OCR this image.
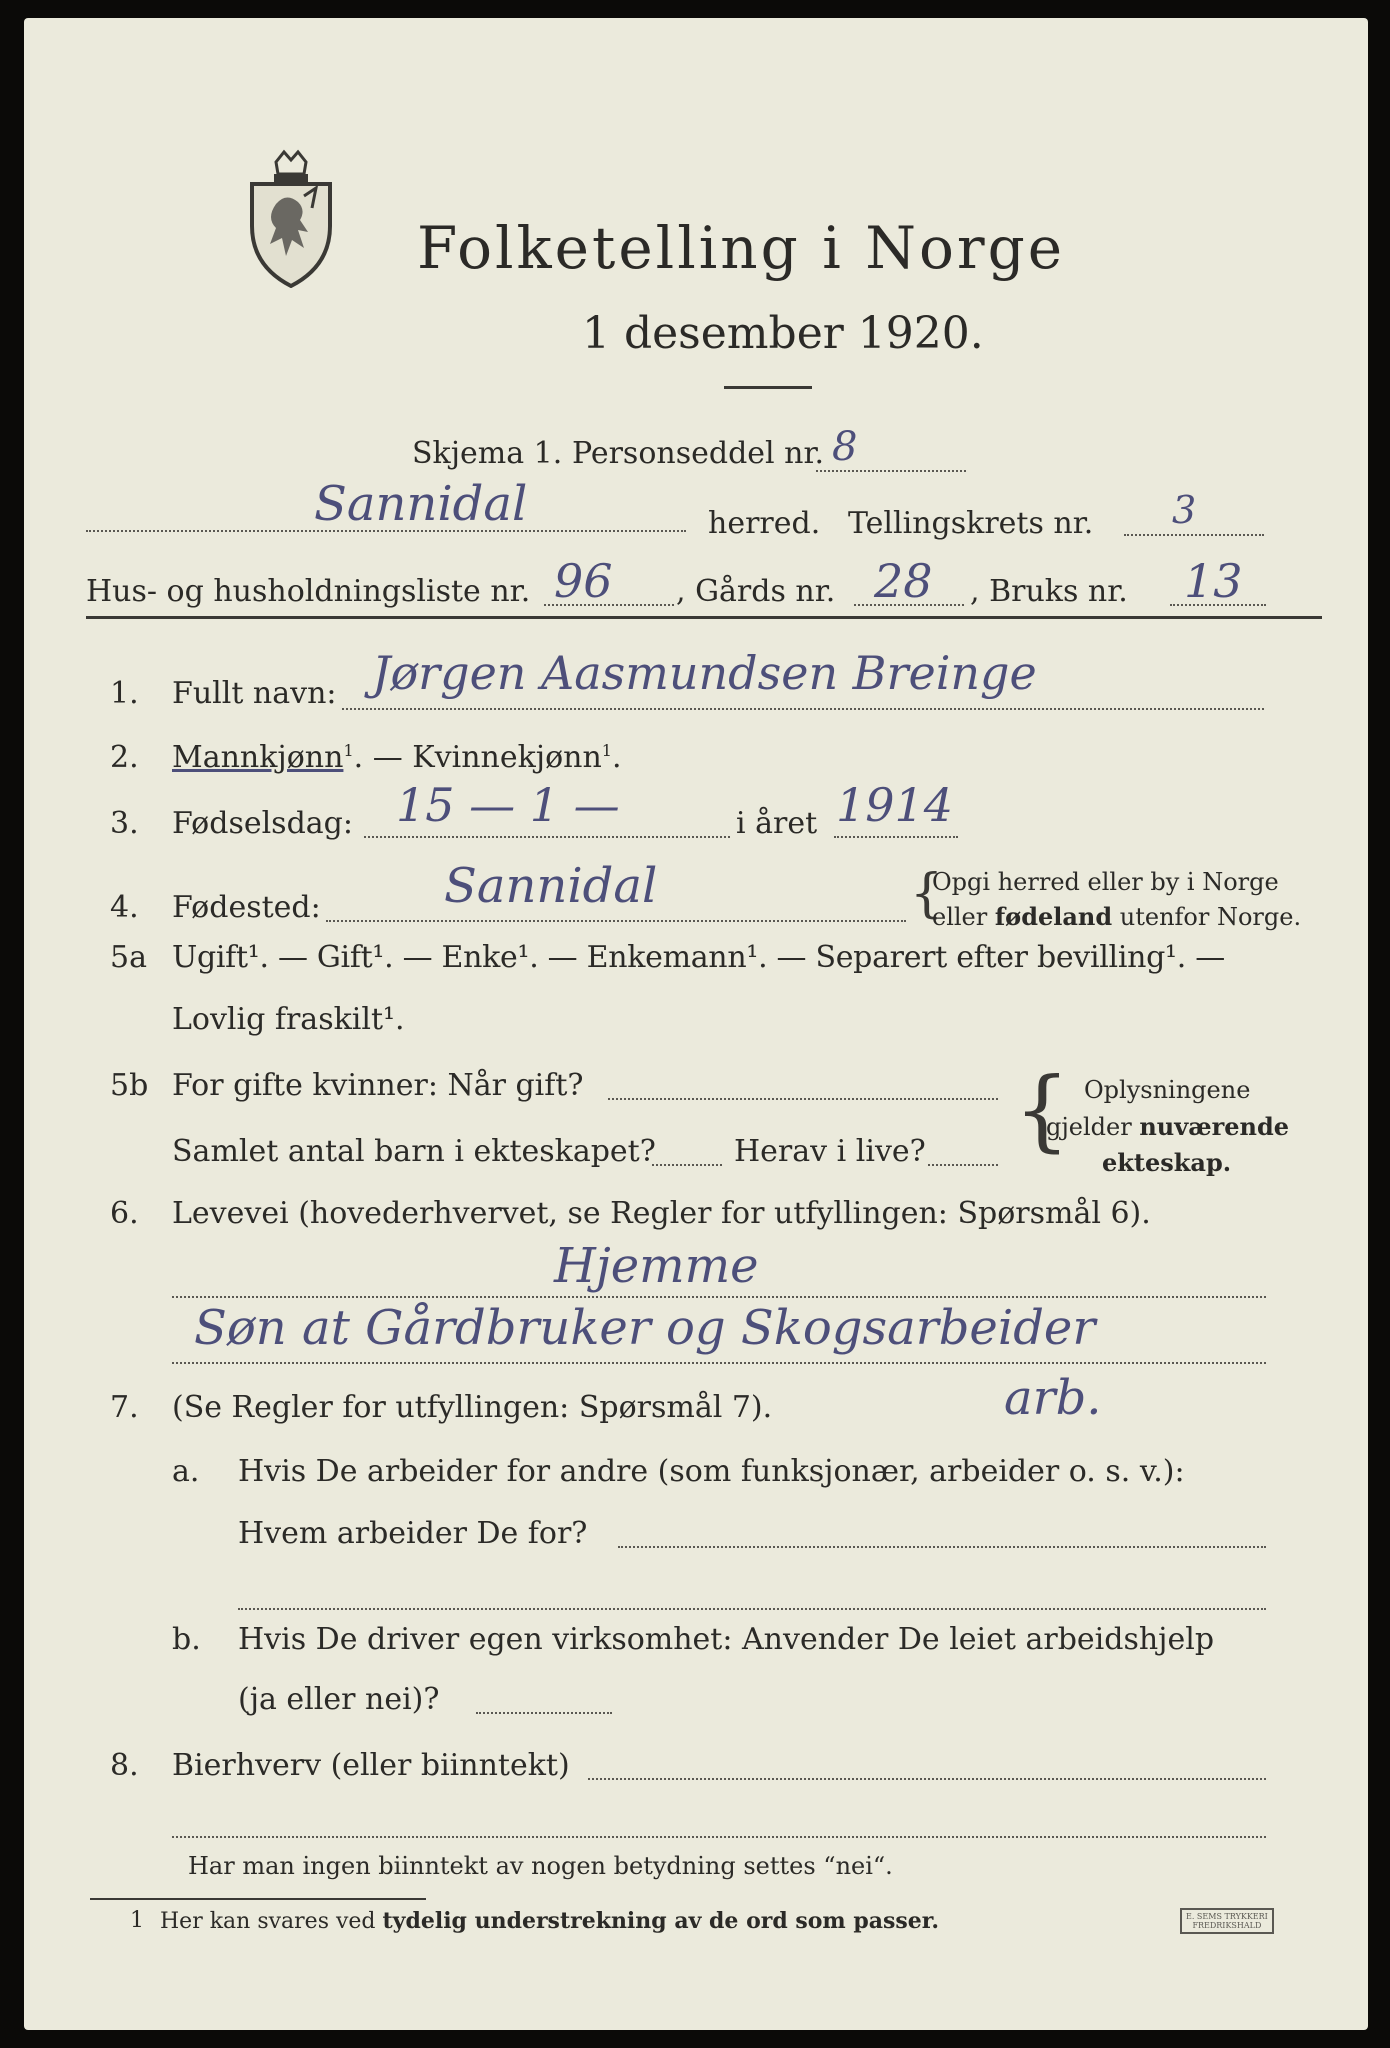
Folketelling i Norge
1 desember 1920.
Skjema 1. Personseddel nr. 8
Sannidal	herred. Tellingskrets nr. 3
Hus- og husholdningsliste nr. 96 , Gårds nr. 28 , Bruks nr. 13
1. Fullt navn: Jørgen Aasmundsen Breinge
2. Mannkjønn$^1$. — Kvinnekjønn$^1$.
3. Fødselsdag: 15 — 1 —	i året 1914
4. Fødested:	Sannidal	{
Opgi herred eller by i Norge
eller fødeland utenfor Norge.
5a Ugift¹. — Gift¹. — Enke¹. — Enkemann¹. — Separert efter bevilling¹. —
Lovlig fraskilt¹.
5b For gifte kvinner: Når gift?
Samlet antal barn i ekteskapet?	Herav i live? { Oplysningene
gjelder nuværende
ekteskap.
6. Levevei (hovederhvervet, se Regler for utfyllingen: Spørsmål 6).
Hjemme
Søn at Gårdbruker og Skogsarbeider
7. (Se Regler for utfyllingen: Spørsmål 7).	arb.
a. Hvis De arbeider for andre (som funksjonær, arbeider o. s. v.):
Hvem arbeider De for?
b. Hvis De driver egen virksomhet: Anvender De leiet arbeidshjelp
(ja eller nei)?
8. Bierhverv (eller biinntekt)
Har man ingen biinntekt av nogen betydning settes “nei“.
1 Her kan svares ved tydelig understrekning av de ord som passer.	E. SEMS TRYKKERI
FREDRIKSHALD
